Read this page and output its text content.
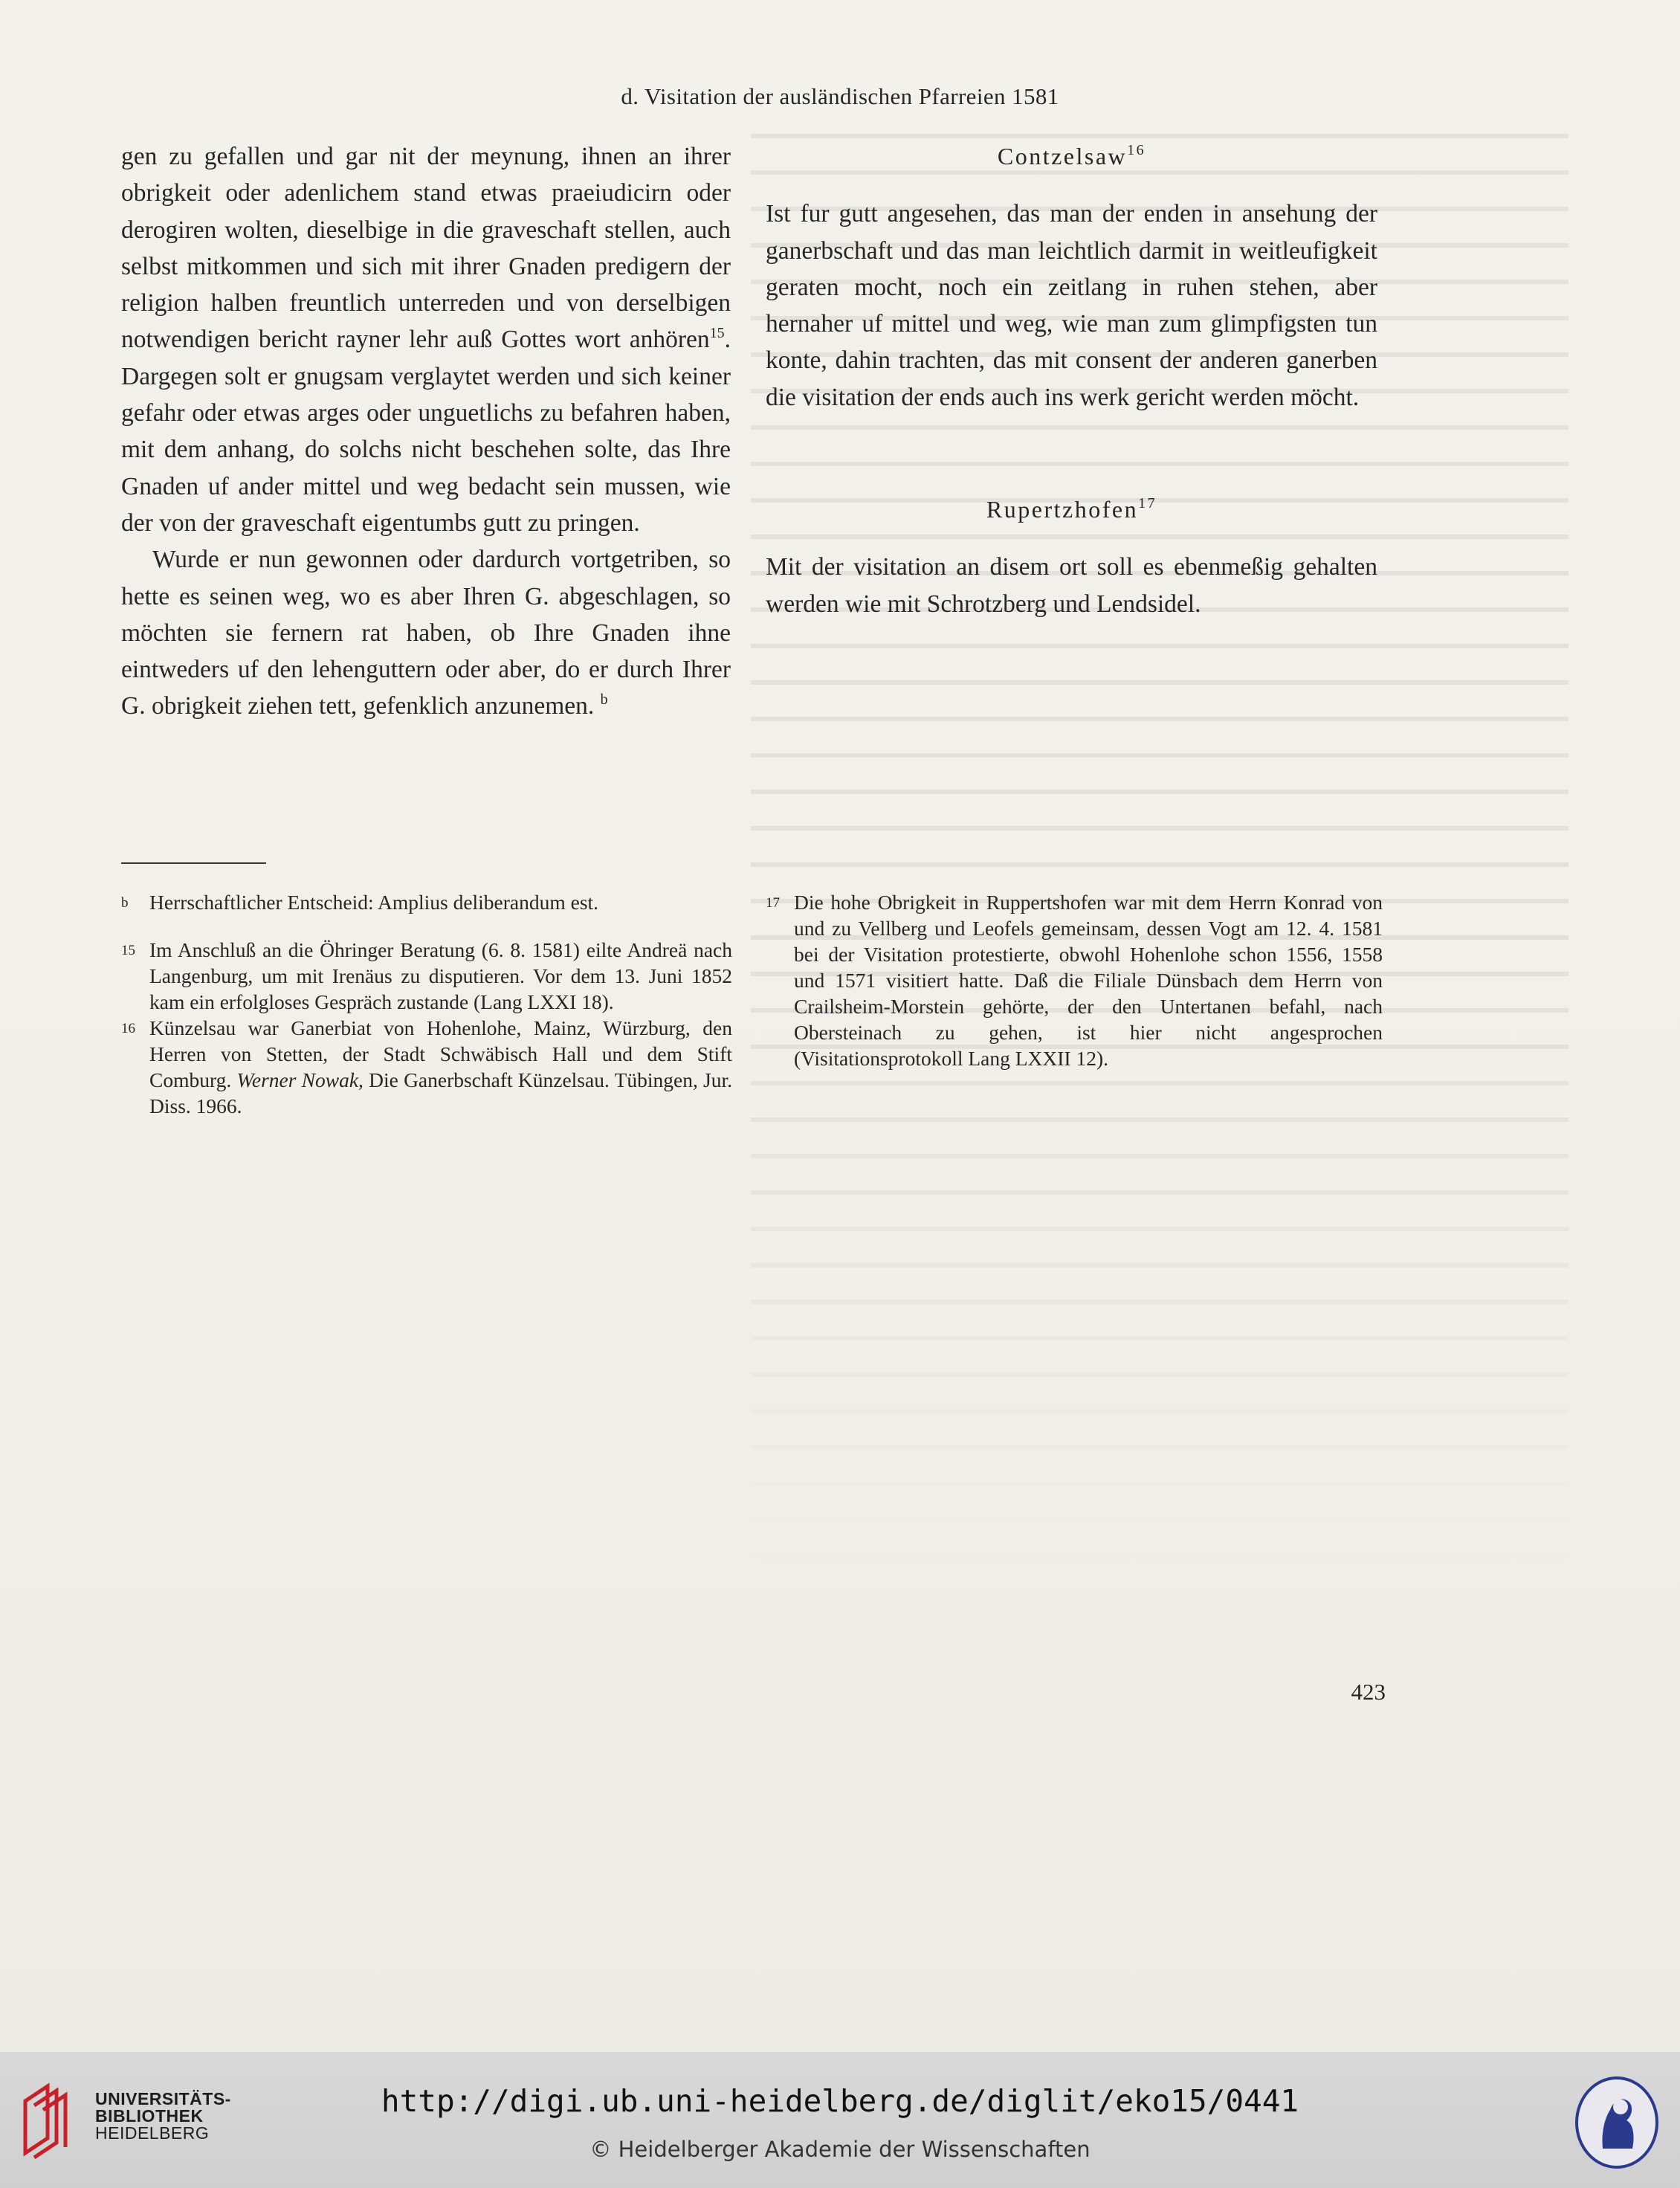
d. Visitation der ausländischen Pfarreien 1581

gen zu gefallen und gar nit der meynung, ihnen an ihrer obrigkeit oder adenlichem stand etwas praeiudicirn oder derogiren wolten, dieselbige in die graveschaft stellen, auch selbst mitkommen und sich mit ihrer Gnaden predigern der religion halben freuntlich unterreden und von derselbigen notwendigen bericht rayner lehr auß Gottes wort anhören$^{15}$. Dargegen solt er gnugsam verglaytet werden und sich keiner gefahr oder etwas arges oder unguetlichs zu befahren haben, mit dem anhang, do solchs nicht beschehen solte, das Ihre Gnaden uf ander mittel und weg bedacht sein mussen, wie der von der graveschaft eigentumbs gutt zu pringen.

Wurde er nun gewonnen oder dardurch vortgetriben, so hette es seinen weg, wo es aber Ihren G. abgeschlagen, so möchten sie fernern rat haben, ob Ihre Gnaden ihne eintweders uf den lehenguttern oder aber, do er durch Ihrer G. obrigkeit ziehen tett, gefenklich anzunemen. $^b$

Contzelsaw$^{16}$

Ist fur gutt angesehen, das man der enden in ansehung der ganerbschaft und das man leichtlich darmit in weitleufigkeit geraten mocht, noch ein zeitlang in ruhen stehen, aber hernaher uf mittel und weg, wie man zum glimpfigsten tun konte, dahin trachten, das mit consent der anderen ganerben die visitation der ends auch ins werk gericht werden möcht.

Rupertzhofen$^{17}$

Mit der visitation an disem ort soll es ebenmeßig gehalten werden wie mit Schrotzberg und Lendsidel.

b	Herrschaftlicher Entscheid: Amplius deliberandum est.
15 Im Anschluß an die Öhringer Beratung (6. 8. 1581) eilte Andreä nach Langenburg, um mit Irenäus zu disputieren. Vor dem 13. Juni 1852 kam ein erfolgloses Gespräch zustande (Lang LXXI 18).
16 Künzelsau war Ganerbiat von Hohenlohe, Mainz, Würzburg, den Herren von Stetten, der Stadt Schwäbisch Hall und dem Stift Comburg. Werner Nowak, Die Ganerbschaft Künzelsau. Tübingen, Jur. Diss. 1966.
17 Die hohe Obrigkeit in Ruppertshofen war mit dem Herrn Konrad von und zu Vellberg und Leofels gemeinsam, dessen Vogt am 12. 4. 1581 bei der Visitation protestierte, obwohl Hohenlohe schon 1556, 1558 und 1571 visitiert hatte. Daß die Filiale Dünsbach dem Herrn von Crailsheim-Morstein gehörte, der den Untertanen befahl, nach Obersteinach zu gehen, ist hier nicht angesprochen (Visitationsprotokoll Lang LXXII 12).
423
UNIVERSITÄTS-
BIBLIOTHEK
HEIDELBERG
http://digi.ub.uni-heidelberg.de/diglit/eko15/0441
© Heidelberger Akademie der Wissenschaften
